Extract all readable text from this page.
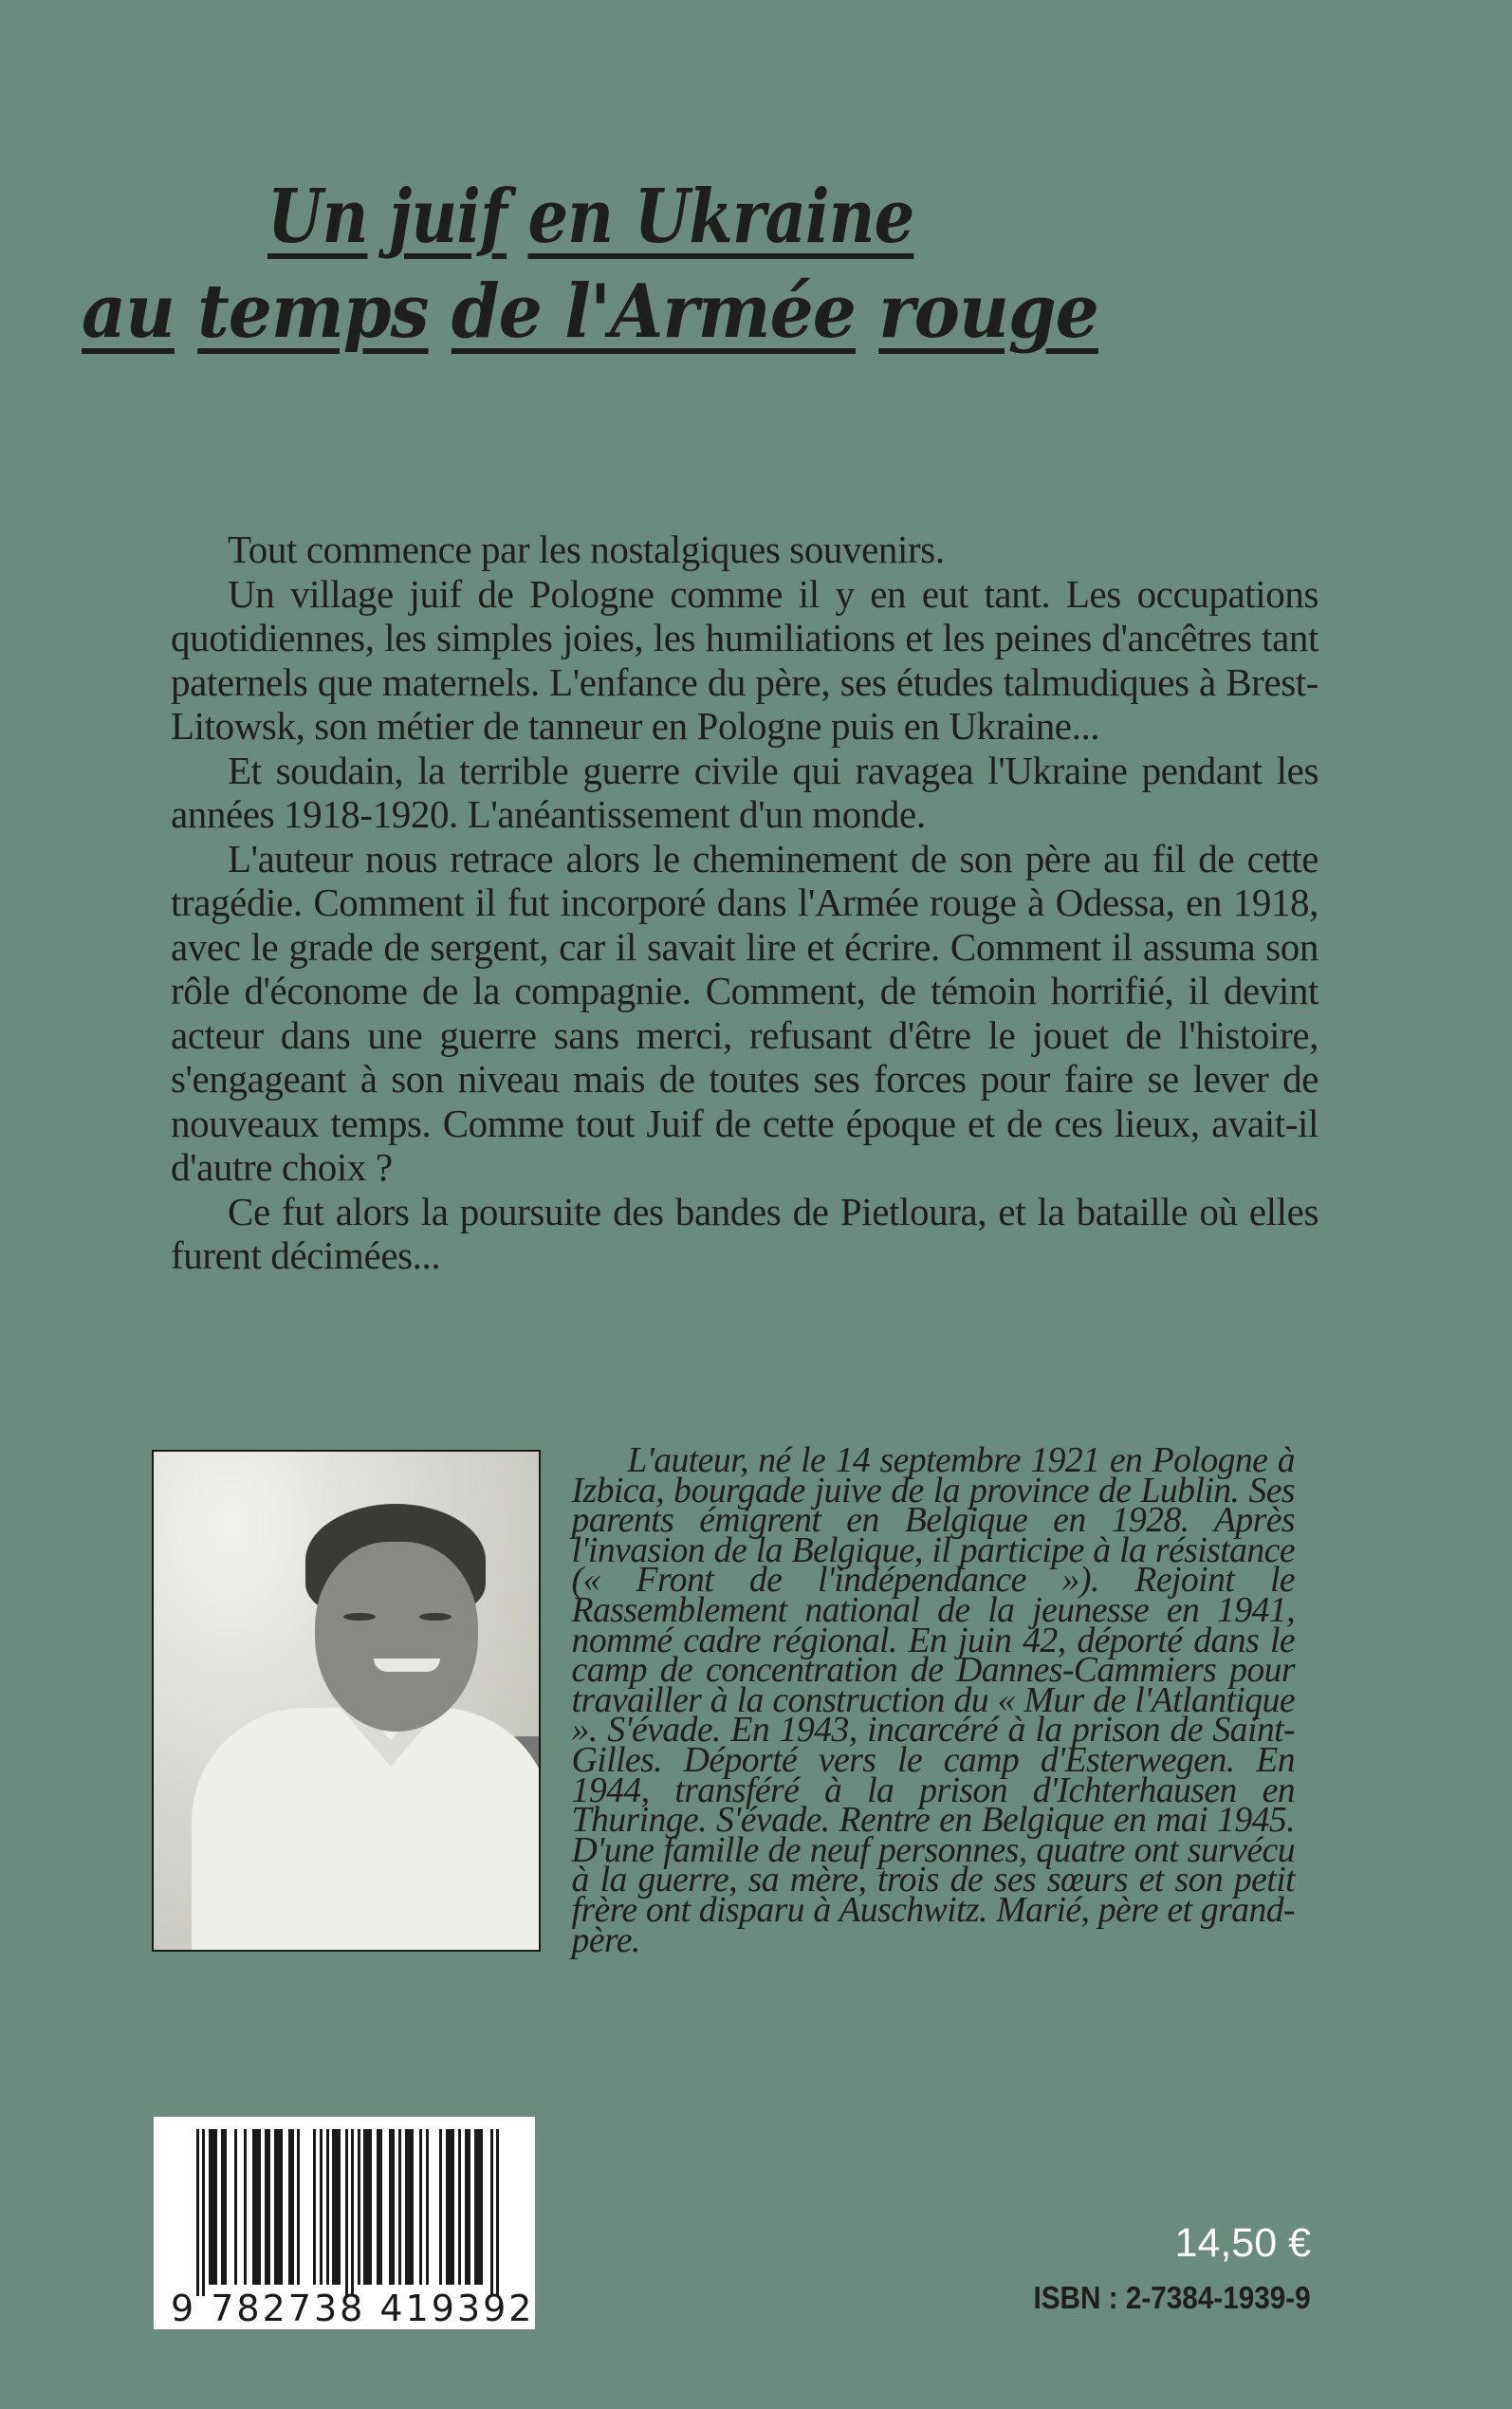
Un juif en Ukraine
au temps de l'Armée rouge

Tout commence par les nostalgiques souvenirs.

Un village juif de Pologne comme il y en eut tant. Les occupations quotidiennes, les simples joies, les humiliations et les peines d'ancêtres tant paternels que maternels. L'enfance du père, ses études talmudiques à Brest-Litowsk, son métier de tanneur en Pologne puis en Ukraine...

Et soudain, la terrible guerre civile qui ravagea l'Ukraine pendant les années 1918-1920. L'anéantissement d'un monde.

L'auteur nous retrace alors le cheminement de son père au fil de cette tragédie. Comment il fut incorporé dans l'Armée rouge à Odessa, en 1918, avec le grade de sergent, car il savait lire et écrire. Comment il assuma son rôle d'économe de la compagnie. Comment, de témoin horrifié, il devint acteur dans une guerre sans merci, refusant d'être le jouet de l'histoire, s'engageant à son niveau mais de toutes ses forces pour faire se lever de nouveaux temps. Comme tout Juif de cette époque et de ces lieux, avait-il d'autre choix ?

Ce fut alors la poursuite des bandes de Pietloura, et la bataille où elles furent décimées...

L'auteur, né le 14 septembre 1921 en Pologne à Izbica, bourgade juive de la province de Lublin. Ses parents émigrent en Belgique en 1928. Après l'invasion de la Belgique, il participe à la résistance (« Front de l'indépendance »). Rejoint le Rassemblement national de la jeunesse en 1941, nommé cadre régional. En juin 42, déporté dans le camp de concentration de Dannes-Cammiers pour travailler à la construction du « Mur de l'Atlantique ». S'évade. En 1943, incarcéré à la prison de Saint-Gilles. Déporté vers le camp d'Esterwegen. En 1944, transféré à la prison d'Ichterhausen en Thuringe. S'évade. Rentre en Belgique en mai 1945. D'une famille de neuf personnes, quatre ont survécu à la guerre, sa mère, trois de ses sœurs et son petit frère ont disparu à Auschwitz. Marié, père et grand-père.

9 782738 419392
14,50 €
ISBN : 2-7384-1939-9
